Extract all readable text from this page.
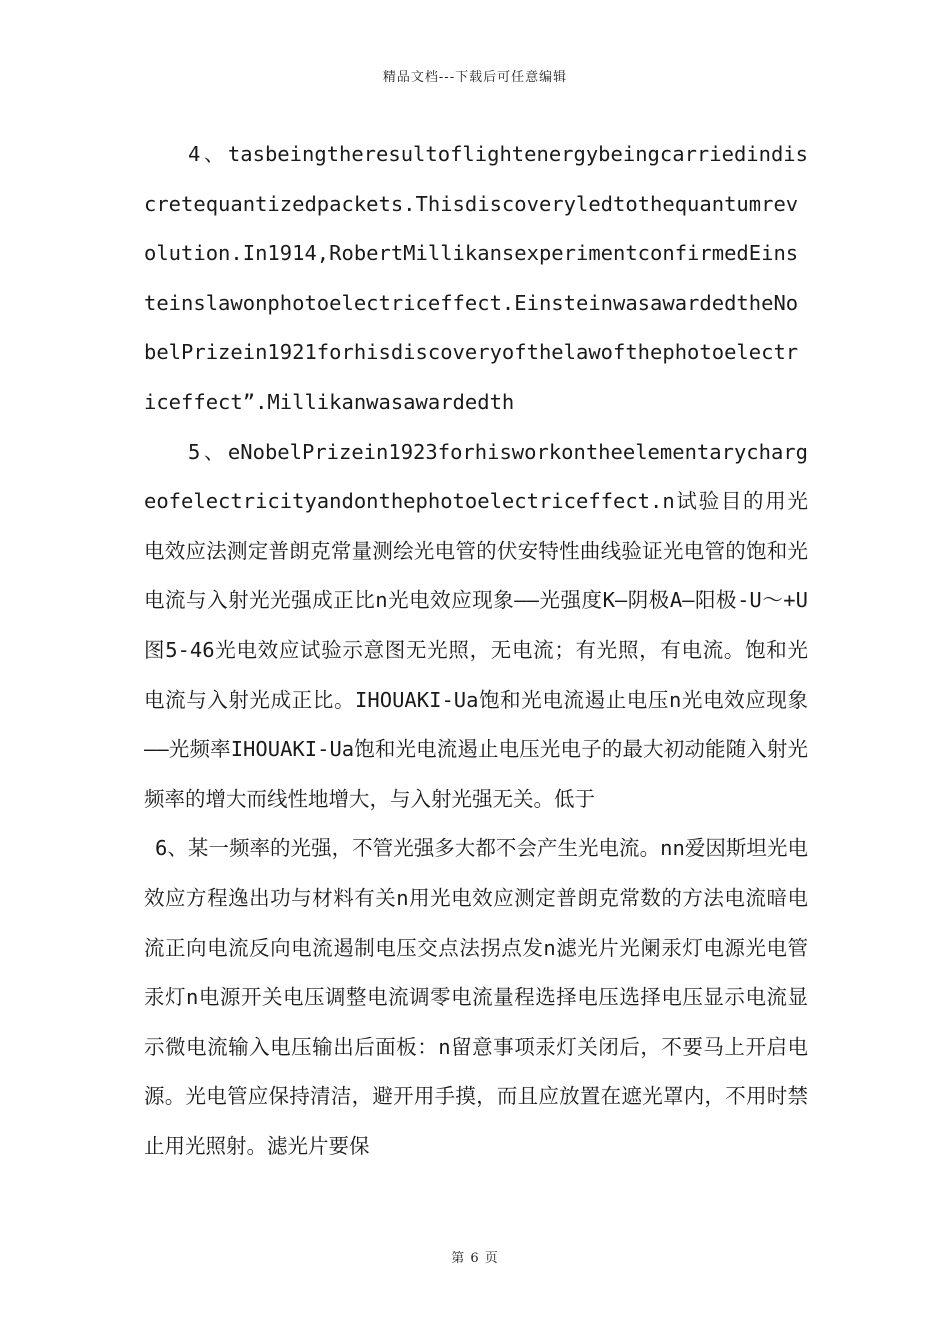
精品文档---下载后可任意编辑

4、tasbeingtheresultoflightenergybeingcarriedindiscretequantizedpackets.Thisdiscoveryledtothequantumrevolution.In1914,RobertMillikansexperimentconfirmedEinsteinslawonphotoelectriceffect.EinsteinwasawardedtheNobelPrizein1921forhisdiscoveryofthelawofthephotoelectriceffect”.Millikanwasawardedth

5、eNobelPrizein1923forhisworkontheelementarychargeofelectricityandonthephotoelectriceffect.n试验目的用光电效应法测定普朗克常量测绘光电管的伏安特性曲线验证光电管的饱和光电流与入射光光强成正比n光电效应现象——光强度K—阴极A—阳极-U～+U图5-46光电效应试验示意图无光照，无电流；有光照，有电流。饱和光电流与入射光成正比。IHOUAKI-Ua饱和光电流遏止电压n光电效应现象——光频率IHOUAKI-Ua饱和光电流遏止电压光电子的最大初动能随入射光频率的增大而线性地增大，与入射光强无关。低于

6、某一频率的光强，不管光强多大都不会产生光电流。nn爱因斯坦光电效应方程逸出功与材料有关n用光电效应测定普朗克常数的方法电流暗电流正向电流反向电流遏制电压交点法拐点发n滤光片光阑汞灯电源光电管汞灯n电源开关电压调整电流调零电流量程选择电压选择电压显示电流显示微电流输入电压输出后面板：n留意事项汞灯关闭后，不要马上开启电源。光电管应保持清洁，避开用手摸，而且应放置在遮光罩内，不用时禁止用光照射。滤光片要保

第 6 页
